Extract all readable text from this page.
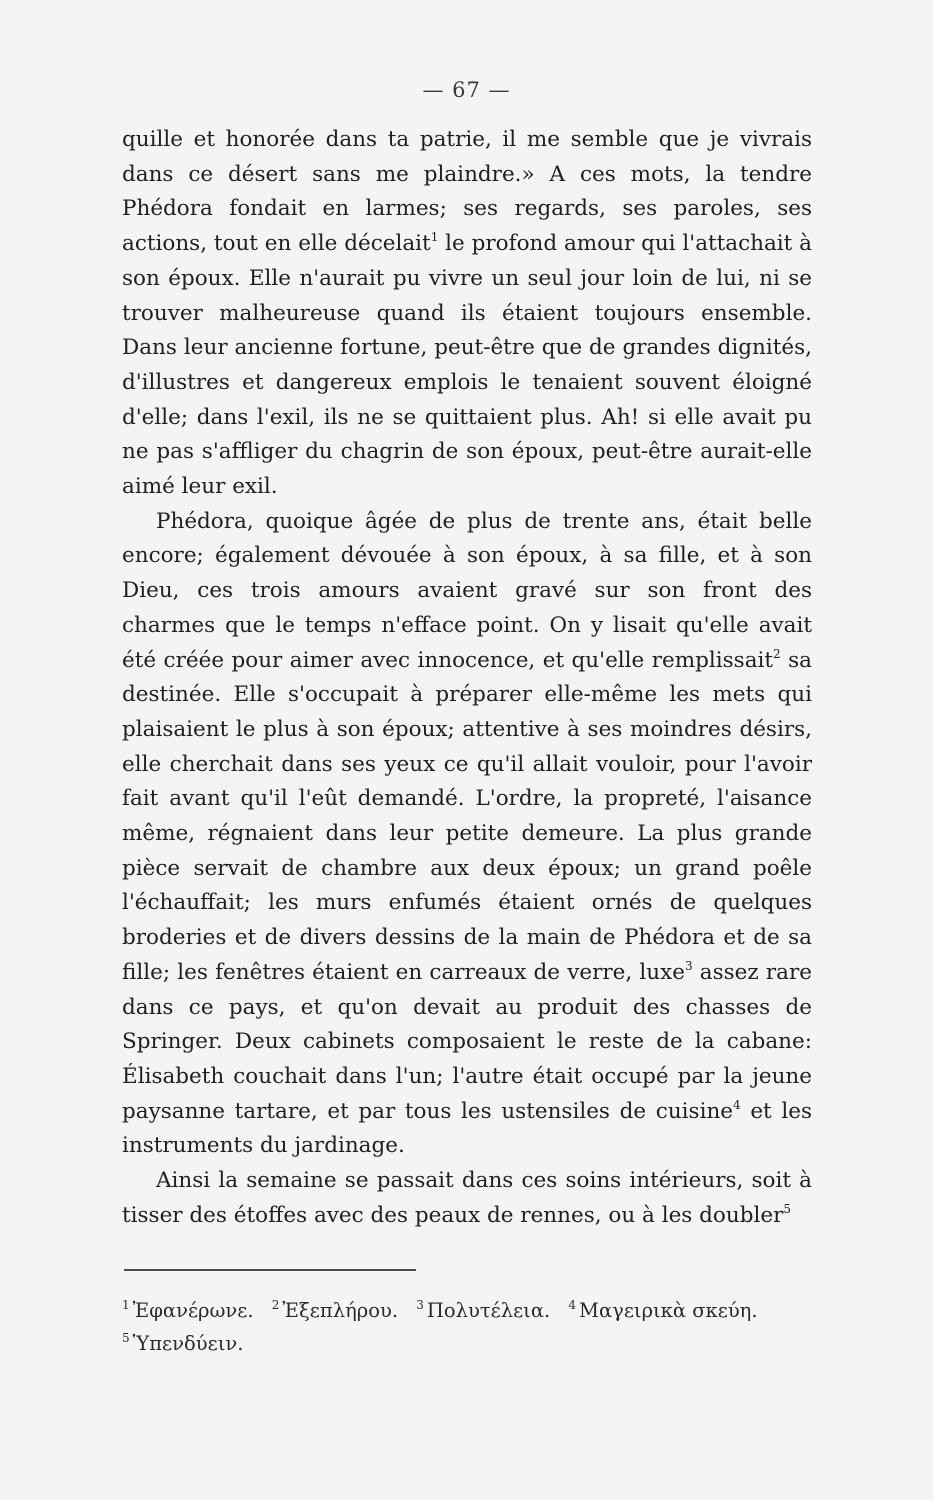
— 67 —

quille et honorée dans ta patrie, il me semble que je vivrais dans ce désert sans me plaindre.» A ces mots, la tendre Phédora fondait en larmes; ses regards, ses paroles, ses actions, tout en elle décelait$^1$ le profond amour qui l'attachait à son époux. Elle n'aurait pu vivre un seul jour loin de lui, ni se trouver malheureuse quand ils étaient toujours ensemble. Dans leur ancienne fortune, peut-être que de grandes dignités, d'illustres et dangereux emplois le tenaient souvent éloigné d'elle; dans l'exil, ils ne se quittaient plus. Ah! si elle avait pu ne pas s'affliger du chagrin de son époux, peut-être aurait-elle aimé leur exil.

Phédora, quoique âgée de plus de trente ans, était belle encore; également dévouée à son époux, à sa fille, et à son Dieu, ces trois amours avaient gravé sur son front des charmes que le temps n'efface point. On y lisait qu'elle avait été créée pour aimer avec innocence, et qu'elle remplissait$^2$ sa destinée. Elle s'occupait à préparer elle-même les mets qui plaisaient le plus à son époux; attentive à ses moindres désirs, elle cherchait dans ses yeux ce qu'il allait vouloir, pour l'avoir fait avant qu'il l'eût demandé. L'ordre, la propreté, l'aisance même, régnaient dans leur petite demeure. La plus grande pièce servait de chambre aux deux époux; un grand poêle l'échauffait; les murs enfumés étaient ornés de quelques broderies et de divers dessins de la main de Phédora et de sa fille; les fenêtres étaient en carreaux de verre, luxe$^3$ assez rare dans ce pays, et qu'on devait au produit des chasses de Springer. Deux cabinets composaient le reste de la cabane: Élisabeth couchait dans l'un; l'autre était occupé par la jeune paysanne tartare, et par tous les ustensiles de cuisine$^4$ et les instruments du jardinage.

Ainsi la semaine se passait dans ces soins intérieurs, soit à tisser des étoffes avec des peaux de rennes, ou à les doubler$^5$

$^1$ Ἐφανέρωνε. $^2$ Ἐξεπλήρου. $^3$ Πολυτέλεια. $^4$ Μαγειρικὰ σκεύη.
$^5$ Ὑπενδύειν.
